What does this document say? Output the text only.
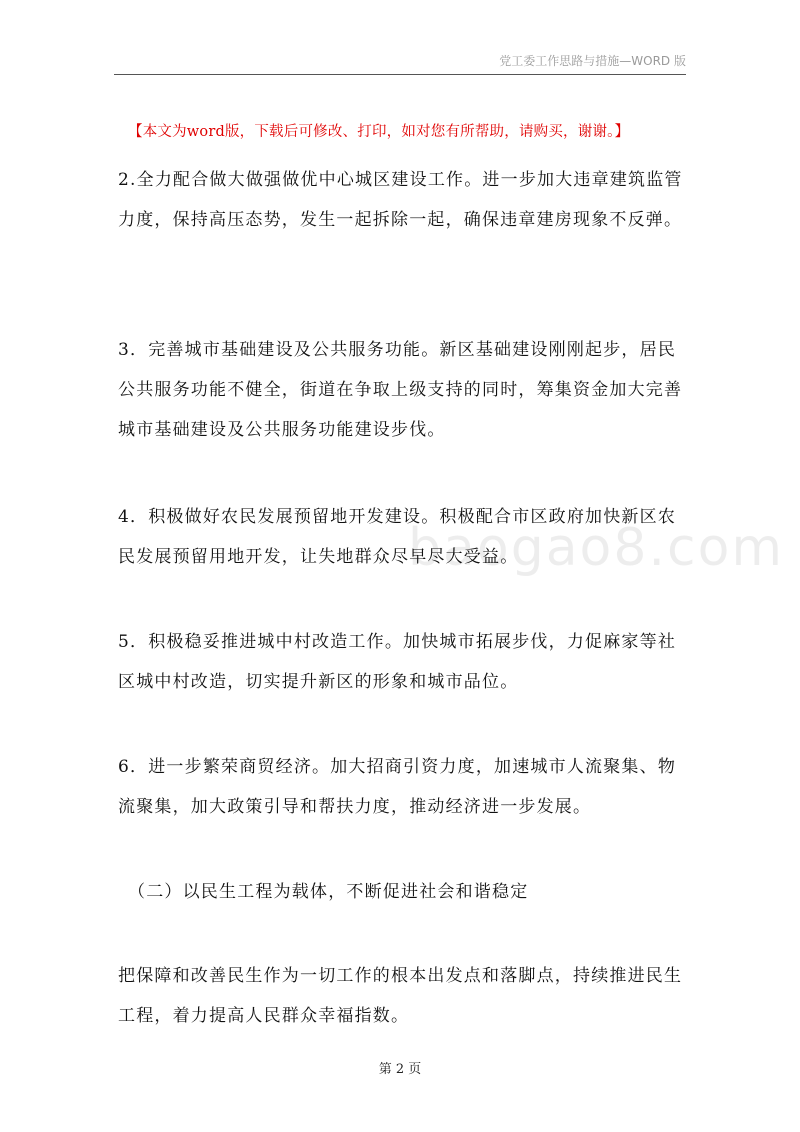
党工委工作思路与措施—WORD 版
【本文为word版，下载后可修改、打印，如对您有所帮助，请购买，谢谢。】

2.全力配合做大做强做优中心城区建设工作。进一步加大违章建筑监管力度，保持高压态势，发生一起拆除一起，确保违章建房现象不反弹。

3．完善城市基础建设及公共服务功能。新区基础建设刚刚起步，居民公共服务功能不健全，街道在争取上级支持的同时，筹集资金加大完善城市基础建设及公共服务功能建设步伐。

4．积极做好农民发展预留地开发建设。积极配合市区政府加快新区农民发展预留用地开发，让失地群众尽早尽大受益。

5．积极稳妥推进城中村改造工作。加快城市拓展步伐，力促麻家等社区城中村改造，切实提升新区的形象和城市品位。

6．进一步繁荣商贸经济。加大招商引资力度，加速城市人流聚集、物流聚集，加大政策引导和帮扶力度，推动经济进一步发展。

（二）以民生工程为载体，不断促进社会和谐稳定

把保障和改善民生作为一切工作的根本出发点和落脚点，持续推进民生工程，着力提高人民群众幸福指数。

baogao8.com
第 2 页
